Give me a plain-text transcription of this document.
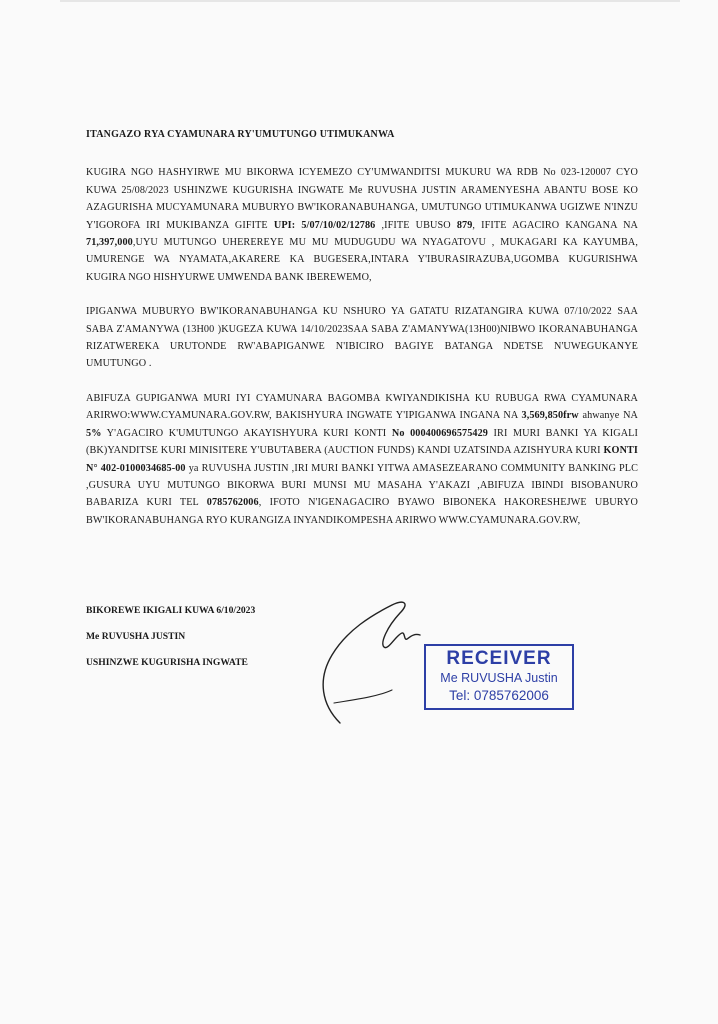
ITANGAZO RYA CYAMUNARA RY'UMUTUNGO UTIMUKANWA

KUGIRA NGO HASHYIRWE MU BIKORWA ICYEMEZO CY'UMWANDITSI MUKURU WA RDB No 023-120007 CYO KUWA 25/08/2023 USHINZWE KUGURISHA INGWATE Me RUVUSHA JUSTIN ARAMENYESHA ABANTU BOSE KO AZAGURISHA MUCYAMUNARA MUBURYO BW'IKORANABUHANGA, UMUTUNGO UTIMUKANWA UGIZWE N'INZU Y'IGOROFA IRI MUKIBANZA GIFITE UPI: 5/07/10/02/12786 ,IFITE UBUSO 879, IFITE AGACIRO KANGANA NA 71,397,000,UYU MUTUNGO UHEREREYE MU MU MUDUGUDU WA NYAGATOVU , MUKAGARI KA KAYUMBA, UMURENGE WA NYAMATA,AKARERE KA BUGESERA,INTARA Y'IBURASIRAZUBA,UGOMBA KUGURISHWA KUGIRA NGO HISHYURWE UMWENDA BANK IBEREWEMO,

IPIGANWA MUBURYO BW'IKORANABUHANGA KU NSHURO YA GATATU RIZATANGIRA KUWA 07/10/2022 SAA SABA Z'AMANYWA (13H00 )KUGEZA KUWA 14/10/2023SAA SABA Z'AMANYWA(13H00)NIBWO IKORANABUHANGA RIZATWEREKA URUTONDE RW'ABAPIGANWE N'IBICIRO BAGIYE BATANGA NDETSE N'UWEGUKANYE UMUTUNGO .

ABIFUZA GUPIGANWA MURI IYI CYAMUNARA BAGOMBA KWIYANDIKISHA KU RUBUGA RWA CYAMUNARA ARIRWO:WWW.CYAMUNARA.GOV.RW, BAKISHYURA INGWATE Y'IPIGANWA INGANA NA 3,569,850frw ahwanye NA 5% Y'AGACIRO K'UMUTUNGO AKAYISHYURA KURI KONTI No 000400696575429 IRI MURI BANKI YA KIGALI (BK)YANDITSE KURI MINISITERE Y'UBUTABERA (AUCTION FUNDS) KANDI UZATSINDA AZISHYURA KURI KONTI N° 402-0100034685-00 ya RUVUSHA JUSTIN ,IRI MURI BANKI YITWA AMASEZEARANO COMMUNITY BANKING PLC ,GUSURA UYU MUTUNGO BIKORWA BURI MUNSI MU MASAHA Y'AKAZI ,ABIFUZA IBINDI BISOBANURO BABARIZA KURI TEL 0785762006, IFOTO N'IGENAGACIRO BYAWO BIBONEKA HAKORESHEJWE UBURYO BW'IKORANABUHANGA RYO KURANGIZA INYANDIKOMPESHA ARIRWO WWW.CYAMUNARA.GOV.RW,

BIKOREWE IKIGALI KUWA 6/10/2023

Me RUVUSHA JUSTIN

USHINZWE KUGURISHA INGWATE	RECEIVER
Me RUVUSHA Justin
Tel: 0785762006
